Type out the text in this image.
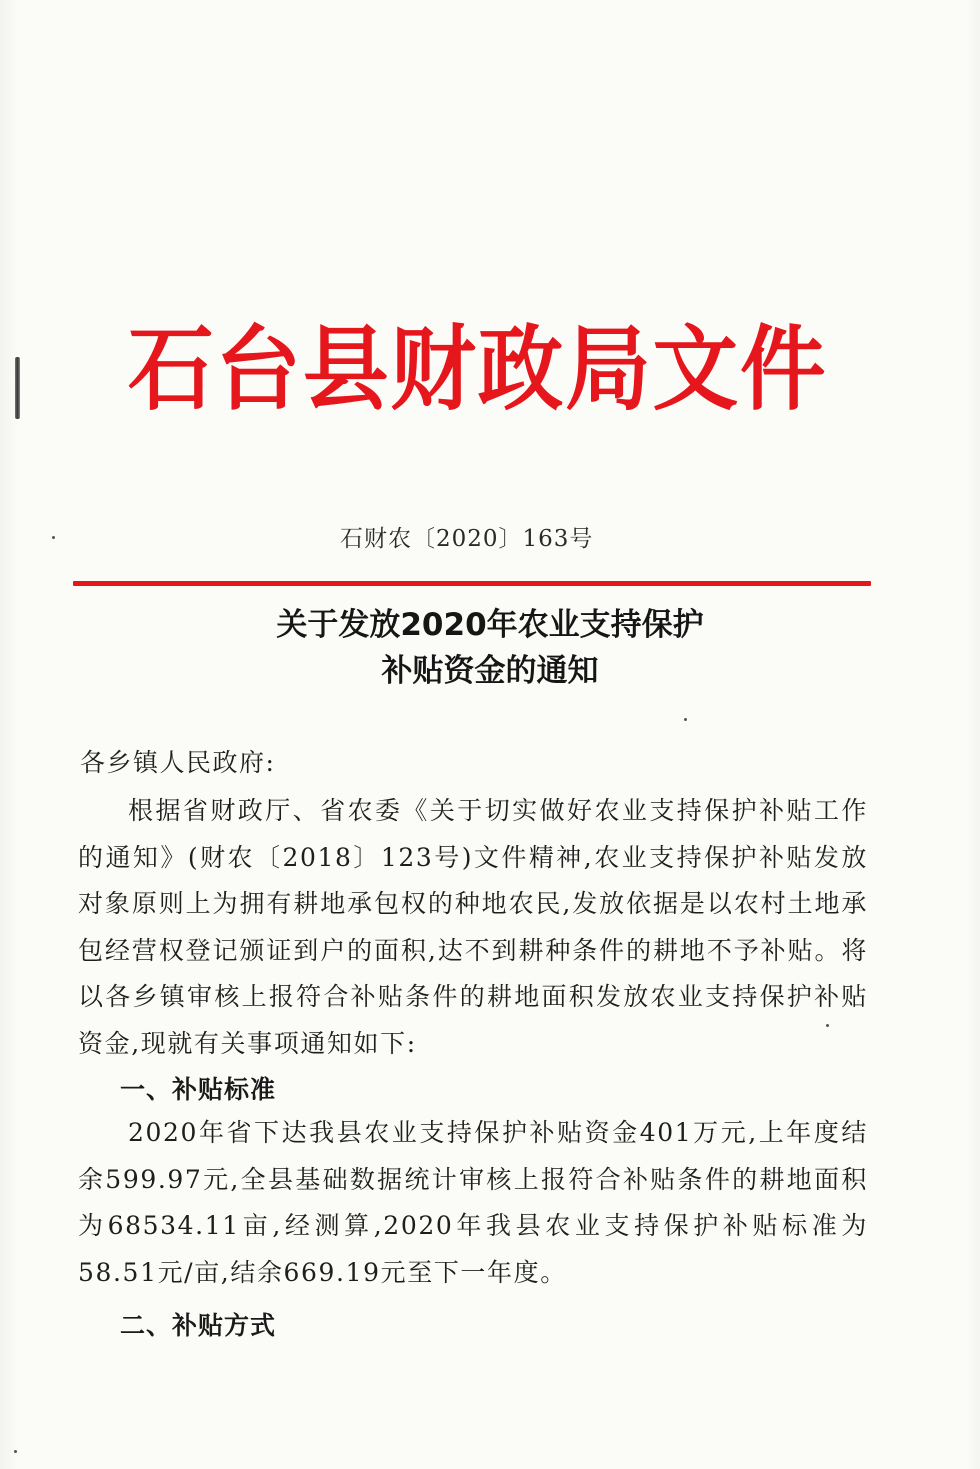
石台县财政局文件
石财农〔2020〕163号
关于发放2020年农业支持保护
补贴资金的通知
各乡镇人民政府:

根据省财政厅、省农委《关于切实做好农业支持保护补贴工作的通知》(财农〔2018〕123号)文件精神,农业支持保护补贴发放对象原则上为拥有耕地承包权的种地农民,发放依据是以农村土地承包经营权登记颁证到户的面积,达不到耕种条件的耕地不予补贴。将以各乡镇审核上报符合补贴条件的耕地面积发放农业支持保护补贴资金,现就有关事项通知如下:

一、补贴标准

2020年省下达我县农业支持保护补贴资金401万元,上年度结余599.97元,全县基础数据统计审核上报符合补贴条件的耕地面积为68534.11亩,经测算,2020年我县农业支持保护补贴标准为58.51元/亩,结余669.19元至下一年度。

二、补贴方式
